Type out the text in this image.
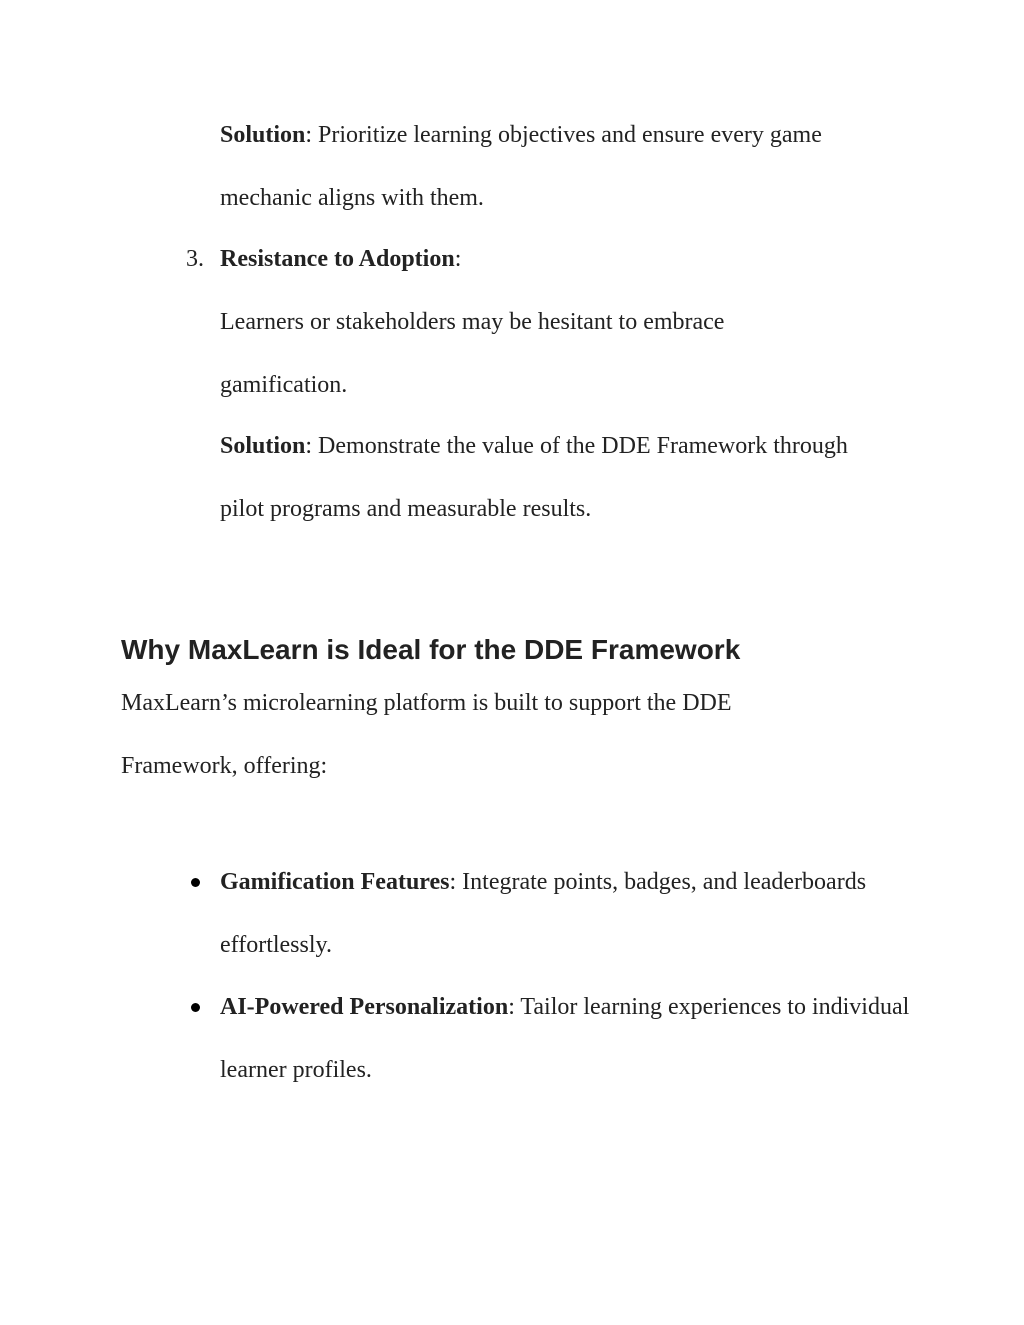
Solution: Prioritize learning objectives and ensure every game mechanic aligns with them.

3. Resistance to Adoption:

Learners or stakeholders may be hesitant to embrace gamification.

Solution: Demonstrate the value of the DDE Framework through pilot programs and measurable results.

Why MaxLearn is Ideal for the DDE Framework

MaxLearn’s microlearning platform is built to support the DDE Framework, offering:

Gamification Features: Integrate points, badges, and leaderboards effortlessly.

AI-Powered Personalization: Tailor learning experiences to individual learner profiles.
